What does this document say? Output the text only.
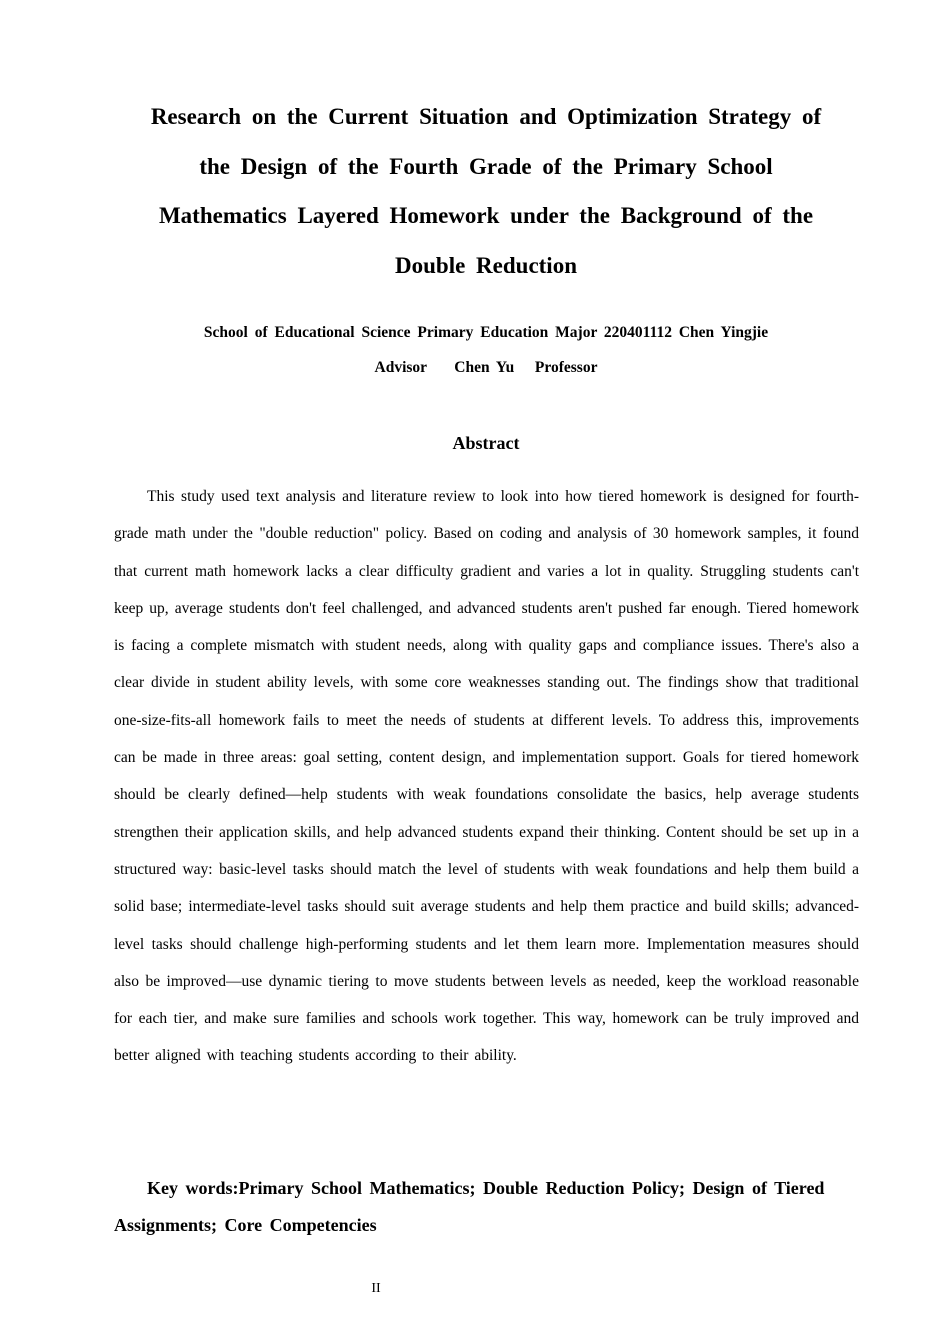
Research on the Current Situation and Optimization Strategy of
the Design of the Fourth Grade of the Primary School
Mathematics Layered Homework under the Background of the
Double Reduction
School of Educational Science Primary Education Major 220401112 Chen Yingjie
Advisor    Chen Yu   Professor
Abstract

This study used text analysis and literature review to look into how tiered homework is designed for fourth-grade math under the "double reduction" policy. Based on coding and analysis of 30 homework samples, it found that current math homework lacks a clear difficulty gradient and varies a lot in quality. Struggling students can't keep up, average students don't feel challenged, and advanced students aren't pushed far enough. Tiered homework is facing a complete mismatch with student needs, along with quality gaps and compliance issues. There's also a clear divide in student ability levels, with some core weaknesses standing out. The findings show that traditional one-size-fits-all homework fails to meet the needs of students at different levels. To address this, improvements can be made in three areas: goal setting, content design, and implementation support. Goals for tiered homework should be clearly defined—help students with weak foundations consolidate the basics, help average students strengthen their application skills, and help advanced students expand their thinking. Content should be set up in a structured way: basic-level tasks should match the level of students with weak foundations and help them build a solid base; intermediate-level tasks should suit average students and help them practice and build skills; advanced-level tasks should challenge high-performing students and let them learn more. Implementation measures should also be improved—use dynamic tiering to move students between levels as needed, keep the workload reasonable for each tier, and make sure families and schools work together. This way, homework can be truly improved and better aligned with teaching students according to their ability.

Key words:Primary School Mathematics; Double Reduction Policy; Design of Tiered Assignments; Core Competencies

II
